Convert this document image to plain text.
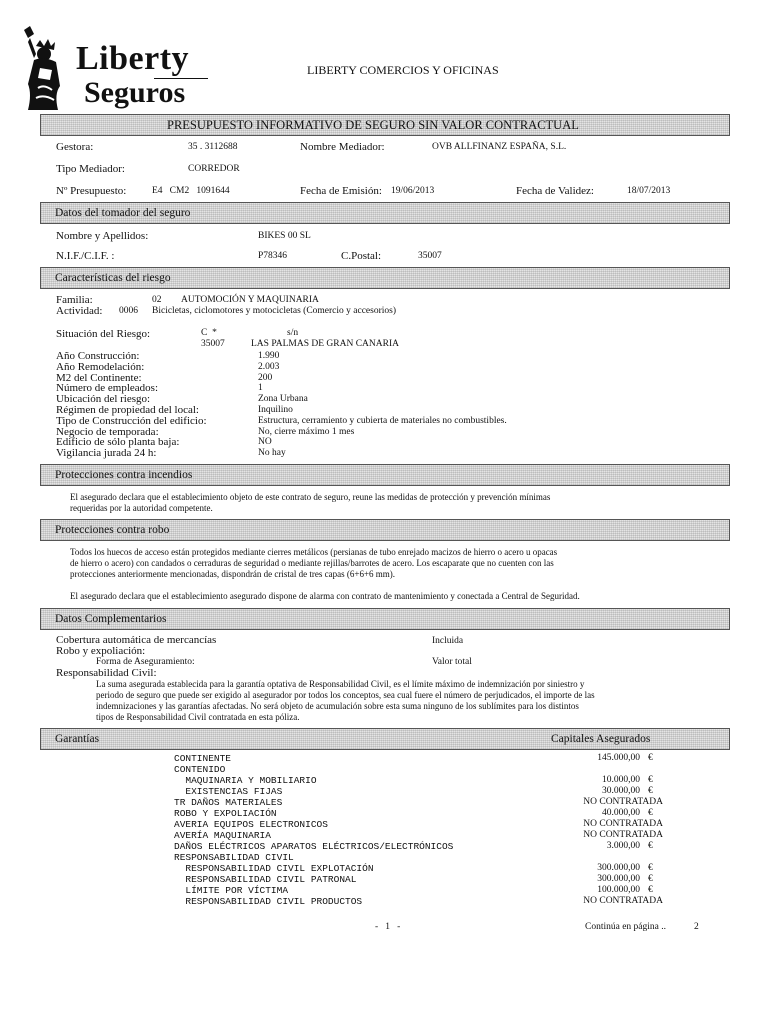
Liberty
Seguros
LIBERTY COMERCIOS Y OFICINAS
PRESUPUESTO INFORMATIVO DE SEGURO SIN VALOR CONTRACTUAL
Gestora:	35 . 3112688	Nombre Mediador:	OVB ALLFINANZ ESPAÑA, S.L.
Tipo Mediador:	CORREDOR
Nº Presupuesto:	E4   CM2   1091644	Fecha de Emisión: 19/06/2013	Fecha de Validez:	18/07/2013
Datos del tomador del seguro
Nombre y Apellidos:	BIKES 00 SL
N.I.F./C.I.F. :	P78346	C.Postal:	35007
Características del riesgo
Familia:	02 AUTOMOCIÓN Y MAQUINARIA
Actividad: 0006 Bicicletas, ciclomotores y motocicletas (Comercio y accesorios)
Situación del Riesgo:	C  *	s/n
35007	LAS PALMAS DE GRAN CANARIA
Año Construcción:	1.990
Año Remodelación:	2.003
M2 del Continente:	200
Número de empleados:	1
Ubicación del riesgo:	Zona Urbana
Régimen de propiedad del local:	Inquilino
Tipo de Construcción del edificio:	Estructura, cerramiento y cubierta de materiales no combustibles.
Negocio de temporada:	No, cierre máximo 1 mes
Edificio de sólo planta baja:	NO
Vigilancia jurada 24 h:	No hay
Protecciones contra incendios
El asegurado declara que el establecimiento objeto de este contrato de seguro, reune las medidas de protección y prevención mínimas
requeridas por la autoridad competente.
Protecciones contra robo
Todos los huecos de acceso están protegidos mediante cierres metálicos (persianas de tubo enrejado macizos de hierro o acero u opacas
de hierro o acero) con candados o cerraduras de seguridad o mediante rejillas/barrotes de acero. Los escaparate que no cuenten con las
protecciones anteriormente mencionadas, dispondrán de cristal de tres capas (6+6+6 mm).
El asegurado declara que el establecimiento asegurado dispone de alarma con contrato de mantenimiento y conectada a Central de Seguridad.
Datos Complementarios
Cobertura automática de mercancías	Incluida
Robo y expoliación:
Forma de Aseguramiento:	Valor total
Responsabilidad Civil:
La suma asegurada establecida para la garantía optativa de Responsabilidad Civil, es el límite máximo de indemnización por siniestro y
periodo de seguro que puede ser exigido al asegurador por todos los conceptos, sea cual fuere el número de perjudicados, el importe de las
indemnizaciones y las garantías afectadas. No será objeto de acumulación sobre esta suma ninguno de los sublímites para los distintos
tipos de Responsabilidad Civil contratada en esta póliza.
Garantías	Capitales Asegurados
CONTINENTE	145.000,00 €
CONTENIDO
MAQUINARIA Y MOBILIARIO	10.000,00 €
EXISTENCIAS FIJAS	30.000,00 €
TR DAÑOS MATERIALES	NO CONTRATADA
ROBO Y EXPOLIACIÓN	40.000,00 €
AVERIA EQUIPOS ELECTRONICOS	NO CONTRATADA
AVERÍA MAQUINARIA	NO CONTRATADA
DAÑOS ELÉCTRICOS APARATOS ELÉCTRICOS/ELECTRÓNICOS	3.000,00 €
RESPONSABILIDAD CIVIL
RESPONSABILIDAD CIVIL EXPLOTACIÓN	300.000,00 €
RESPONSABILIDAD CIVIL PATRONAL	300.000,00 €
LÍMITE POR VÍCTIMA	100.000,00 €
RESPONSABILIDAD CIVIL PRODUCTOS	NO CONTRATADA
-   1   -	Continúa en página ..	2
